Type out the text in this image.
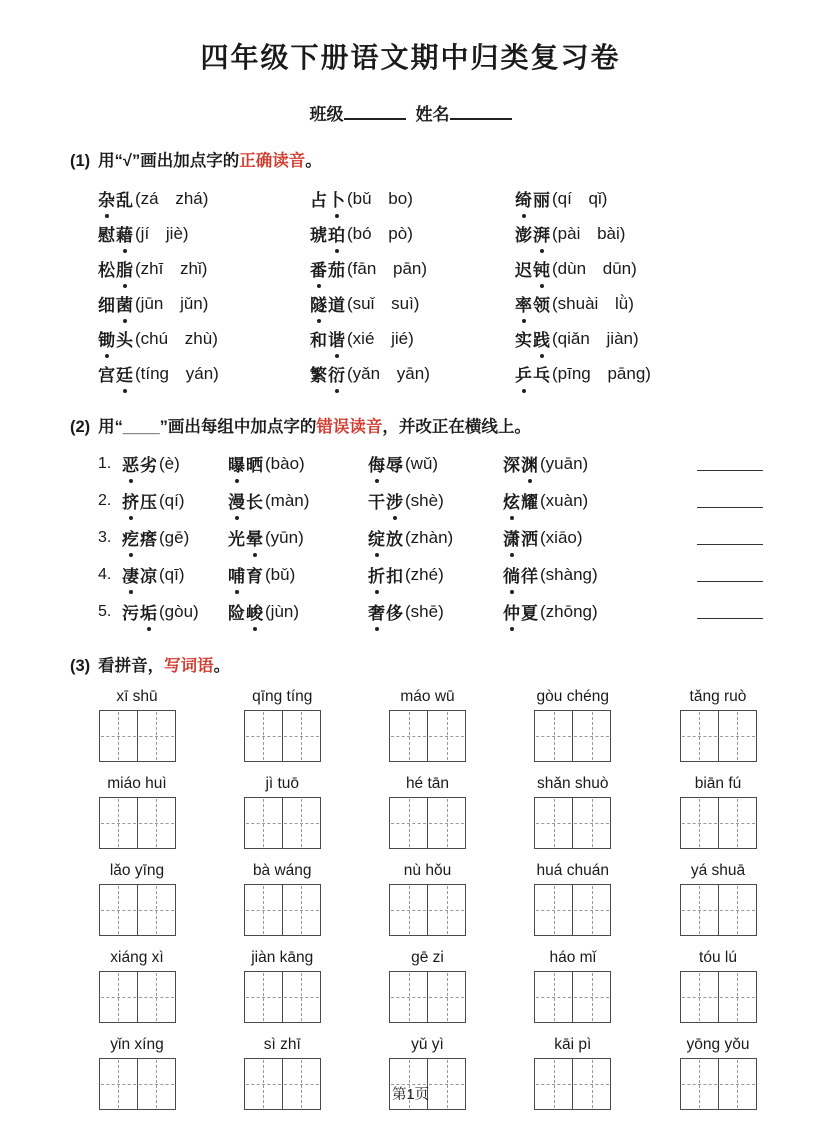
四年级下册语文期中归类复习卷
班级	姓名
(1) 用“√”画出加点字的正确读音。
杂乱 (zá zhá)	占卜 (bǔ bo)	绮丽 (qí qǐ)
慰藉 (jí jiè)	琥珀 (bó pò)	澎湃 (pài bài)
松脂 (zhī zhǐ)	番茄 (fān pān)	迟钝 (dùn dūn)
细菌 (jūn jǔn)	隧道 (suǐ suì)	率领 (shuài lǜ)
锄头 (chú zhù)	和谐 (xié jié)	实践 (qiǎn jiàn)
宫廷 (tíng yán)	繁衍 (yǎn yān)	乒乓 (pīng pāng)
(2) 用“____”画出每组中加点字的错误读音，并改正在横线上。
1. 恶劣 (è)	曝晒 (bào)	侮辱 (wǔ)	深渊 (yuān)
2. 挤压 (qí)	漫长 (màn)	干涉 (shè)	炫耀 (xuàn)
3. 疙瘩 (gē) 光晕 (yūn)	绽放 (zhàn)	潇洒 (xiāo)
4. 凄凉 (qī)	哺育 (bǔ)	折扣 (zhé)	徜徉 (shàng)
5. 污垢 (gòu) 险峻 (jùn)	奢侈 (shē)	仲夏 (zhōng)
(3) 看拼音，写词语。
xī shū	qīng tíng	máo wū	gòu chéng	tǎng ruò
miáo huì	jì tuō	hé tān	shǎn shuò	biān fú
lǎo yīng	bà wáng	nù hǒu	huá chuán	yá shuā
xiáng xì	jiàn kāng	gē zi	háo mǐ	tóu lú
yǐn xíng	sì zhī	yǔ yì	kāi pì	yōng yǒu
第1页
